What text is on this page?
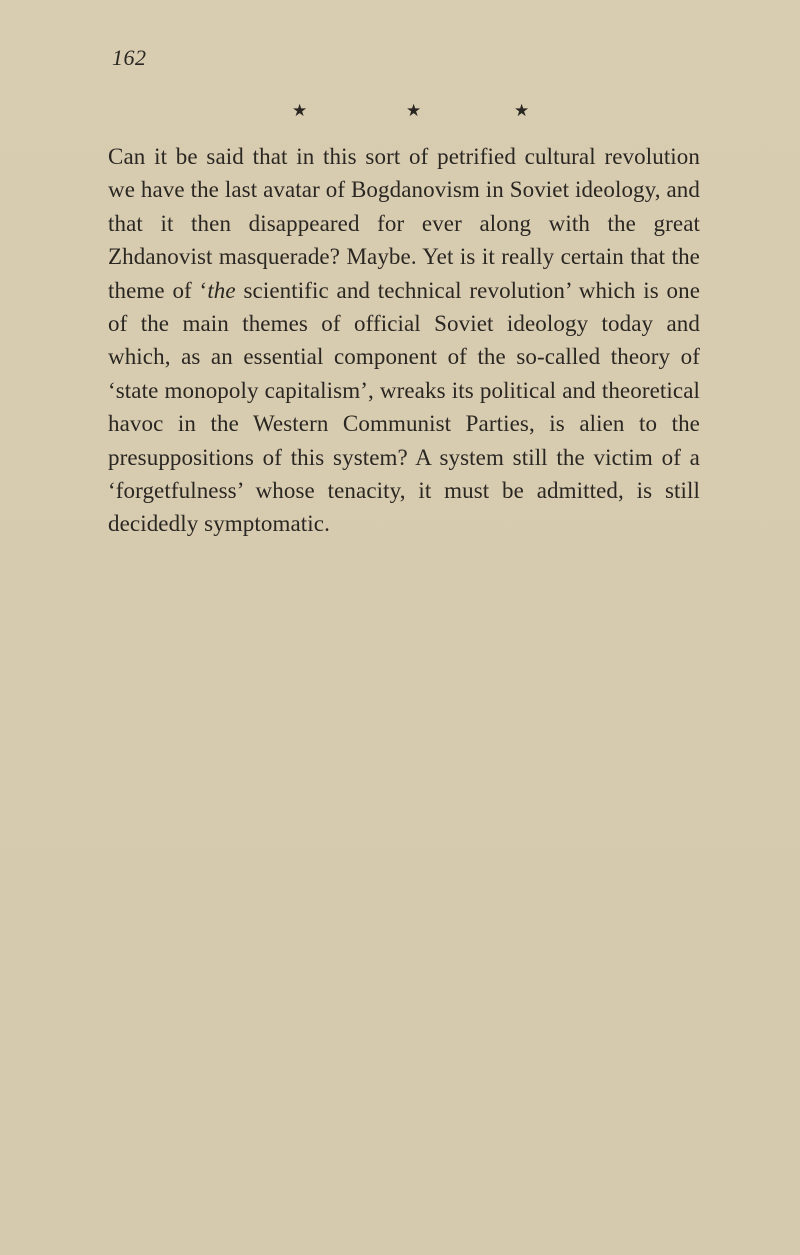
162
★	★	★

Can it be said that in this sort of petrified cultural revolution we have the last avatar of Bogdanovism in Soviet ideology, and that it then disappeared for ever along with the great Zhdanovist masquerade? Maybe. Yet is it really certain that the theme of ‘the scientific and technical revolution’ which is one of the main themes of official Soviet ideology today and which, as an essential component of the so-called theory of ‘state monopoly capitalism’, wreaks its political and theoretical havoc in the Western Communist Parties, is alien to the presuppositions of this system? A system still the victim of a ‘forgetfulness’ whose tenacity, it must be admitted, is still decidedly symptomatic.
